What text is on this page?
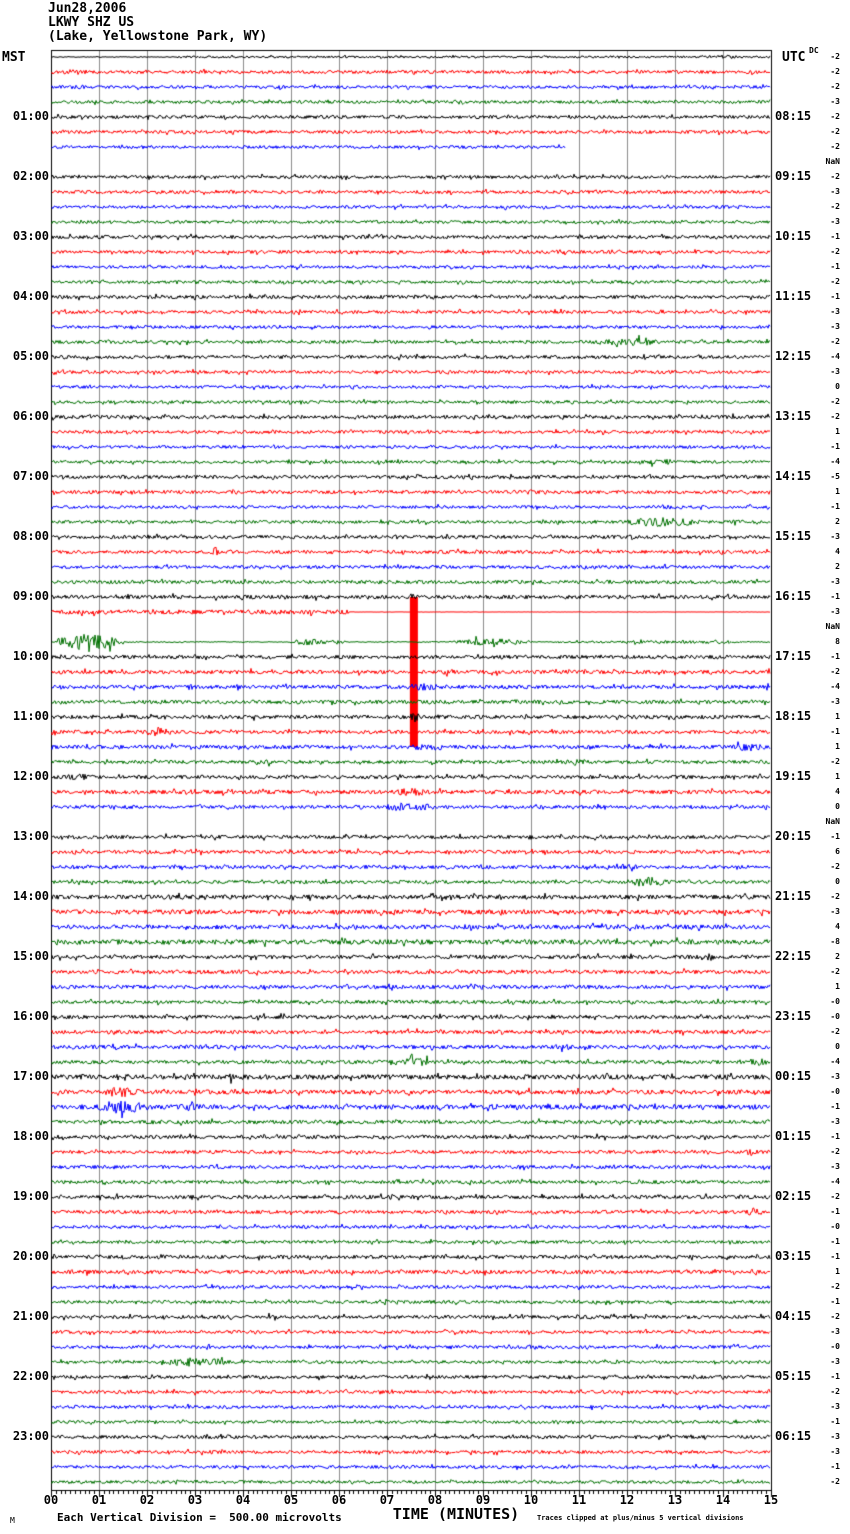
Jun28,2006
LKWY SHZ US
(Lake, Yellowstone Park, WY)
MST	UTC DC
01:00
02:00
03:00
04:00
05:00
06:00
07:00
08:00
09:00
10:00
11:00
12:00
13:00
14:00
15:00
16:00
17:00
18:00
19:00
20:00
21:00
22:00
23:00
08:15
09:15
10:15
11:15
12:15
13:15
14:15
15:15
16:15
17:15
18:15
19:15
20:15
21:15
22:15
23:15
00:15
01:15
02:15
03:15
04:15
05:15
06:15
-2
-2
-2
-3
-2
-2
-2
NaN
-2
-3
-2
-3
-1
-2
-1
-2
-1
-3
-3
-2
-4
-3
0
-2
-2
1
-1
-4
-5
1
-1
2
-3
4
2
-3
-1
-3
NaN
8
-1
-2
-4
-3
1
-1
1
-2
1
4
0
NaN
-1
6
-2
0
-2
-3
4
-8
2
-2
1
-0
-0
-2
0
-4
-3
-0
-1
-3
-1
-2
-3
-4
-2
-1
-0
-1
-1
1
-2
-1
-2
-3
-0
-3
-1
-2
-3
-1
-3
-3
-1
-2
00	01	02	03	04	05	06	07	08	09	10	11	12	13	14	15
TIME (MINUTES)
M	Each Vertical Division =  500.00 microvolts	Traces clipped at plus/minus 5 vertical divisions
